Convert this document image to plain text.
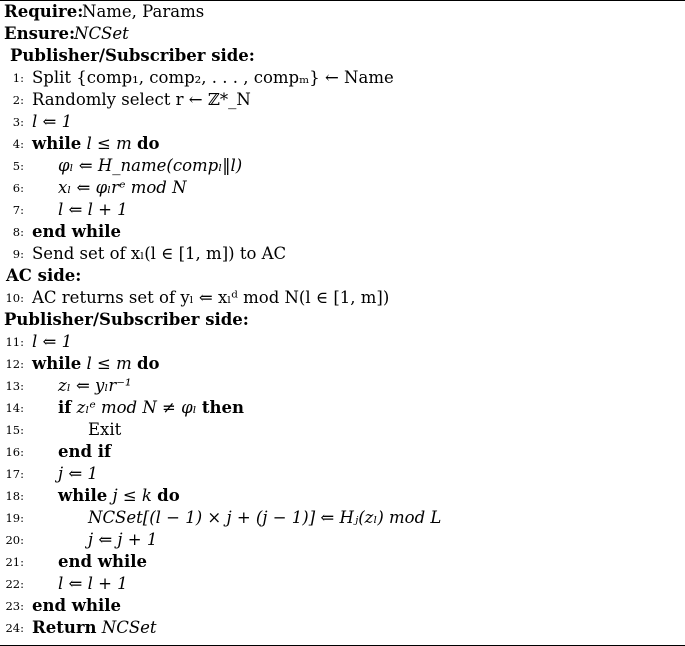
Require:
Name, Params
Ensure:
NCSet
Publisher/Subscriber side:
1: Split {comp₁, comp₂, . . . , compₘ} ← Name
2: Randomly select r ← ℤ*_N
3: l ⇐ 1
4: while l ≤ m do
5: φₗ ⇐ H_name(compₗ‖l)
6: xₗ ⇐ φₗrᵉ mod N
7: l ⇐ l + 1
8: end while
9: Send set of xₗ(l ∈ [1, m]) to AC
AC side:
10: AC returns set of yₗ ⇐ xₗᵈ mod N(l ∈ [1, m])
Publisher/Subscriber side:
11: l ⇐ 1
12: while l ≤ m do
13: zₗ ⇐ yₗr⁻¹
14: if zₗᵉ mod N ≠ φₗ then
15:	Exit
16: end if
17: j ⇐ 1
18: while j ≤ k do
19:	NCSet[(l − 1) × j + (j − 1)] ⇐ Hⱼ(zₗ) mod L
20:	j ⇐ j + 1
21: end while
22: l ⇐ l + 1
23: end while
24: Return NCSet
